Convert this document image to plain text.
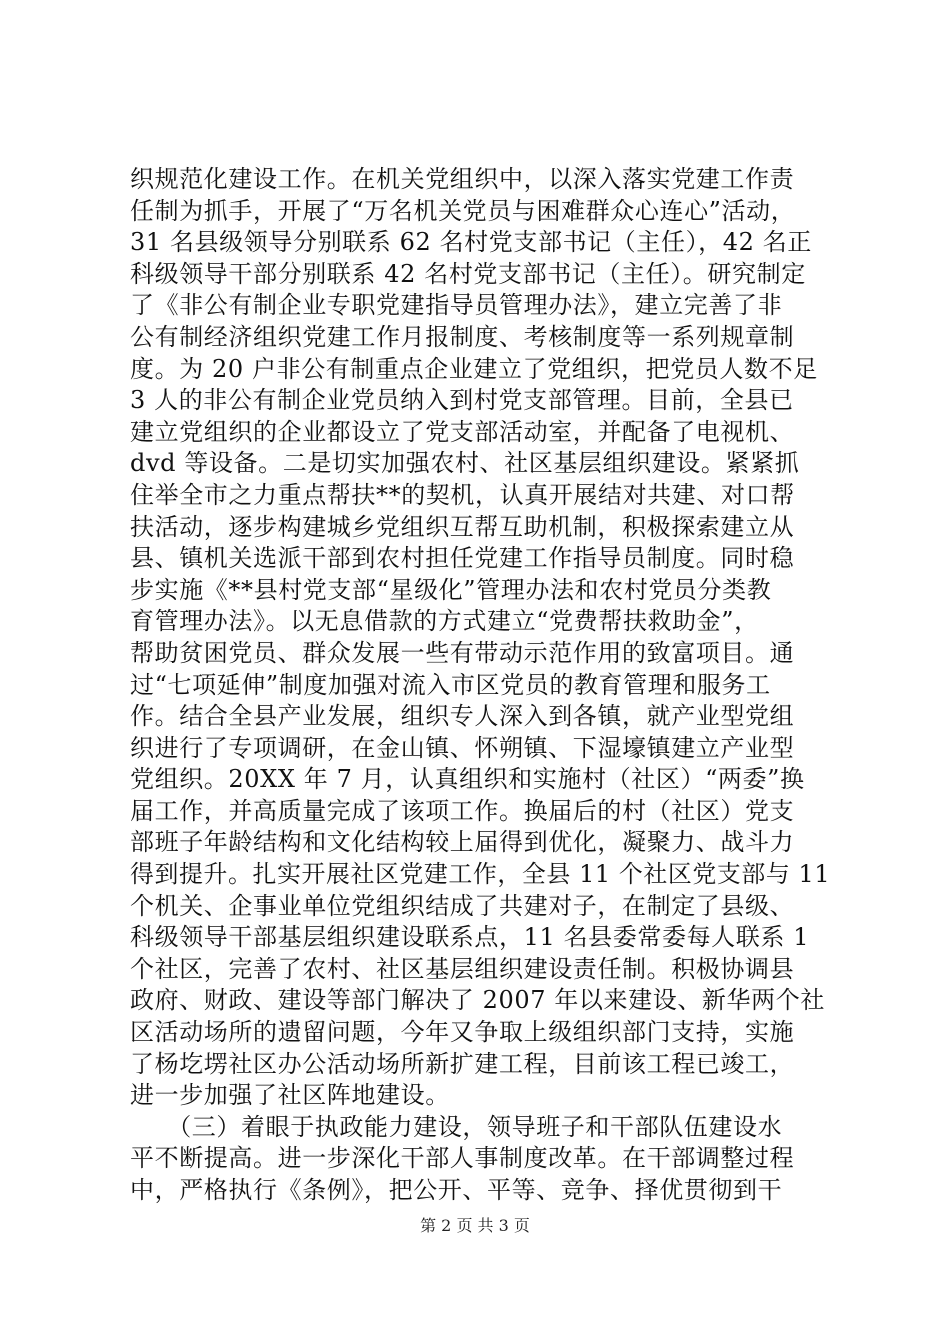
织规范化建设工作。在机关党组织中，以深入落实党建工作责
任制为抓手，开展了“万名机关党员与困难群众心连心”活动，
31 名县级领导分别联系 62 名村党支部书记（主任），42 名正
科级领导干部分别联系 42 名村党支部书记（主任）。研究制定
了《非公有制企业专职党建指导员管理办法》，建立完善了非
公有制经济组织党建工作月报制度、考核制度等一系列规章制
度。为 20 户非公有制重点企业建立了党组织，把党员人数不足
3 人的非公有制企业党员纳入到村党支部管理。目前，全县已
建立党组织的企业都设立了党支部活动室，并配备了电视机、
dvd 等设备。二是切实加强农村、社区基层组织建设。紧紧抓
住举全市之力重点帮扶**的契机，认真开展结对共建、对口帮
扶活动，逐步构建城乡党组织互帮互助机制，积极探索建立从
县、镇机关选派干部到农村担任党建工作指导员制度。同时稳
步实施《**县村党支部“星级化”管理办法和农村党员分类教
育管理办法》。以无息借款的方式建立“党费帮扶救助金”，
帮助贫困党员、群众发展一些有带动示范作用的致富项目。通
过“七项延伸”制度加强对流入市区党员的教育管理和服务工
作。结合全县产业发展，组织专人深入到各镇，就产业型党组
织进行了专项调研，在金山镇、怀朔镇、下湿壕镇建立产业型
党组织。20XX 年 7 月，认真组织和实施村（社区）“两委”换
届工作，并高质量完成了该项工作。换届后的村（社区）党支
部班子年龄结构和文化结构较上届得到优化，凝聚力、战斗力
得到提升。扎实开展社区党建工作，全县 11 个社区党支部与 11
个机关、企事业单位党组织结成了共建对子，在制定了县级、
科级领导干部基层组织建设联系点，11 名县委常委每人联系 1
个社区，完善了农村、社区基层组织建设责任制。积极协调县
政府、财政、建设等部门解决了 2007 年以来建设、新华两个社
区活动场所的遗留问题，今年又争取上级组织部门支持，实施
了杨圪塄社区办公活动场所新扩建工程，目前该工程已竣工，
进一步加强了社区阵地建设。
　　（三）着眼于执政能力建设，领导班子和干部队伍建设水
平不断提高。进一步深化干部人事制度改革。在干部调整过程
中，严格执行《条例》，把公开、平等、竞争、择优贯彻到干
第 2 页 共 3 页
